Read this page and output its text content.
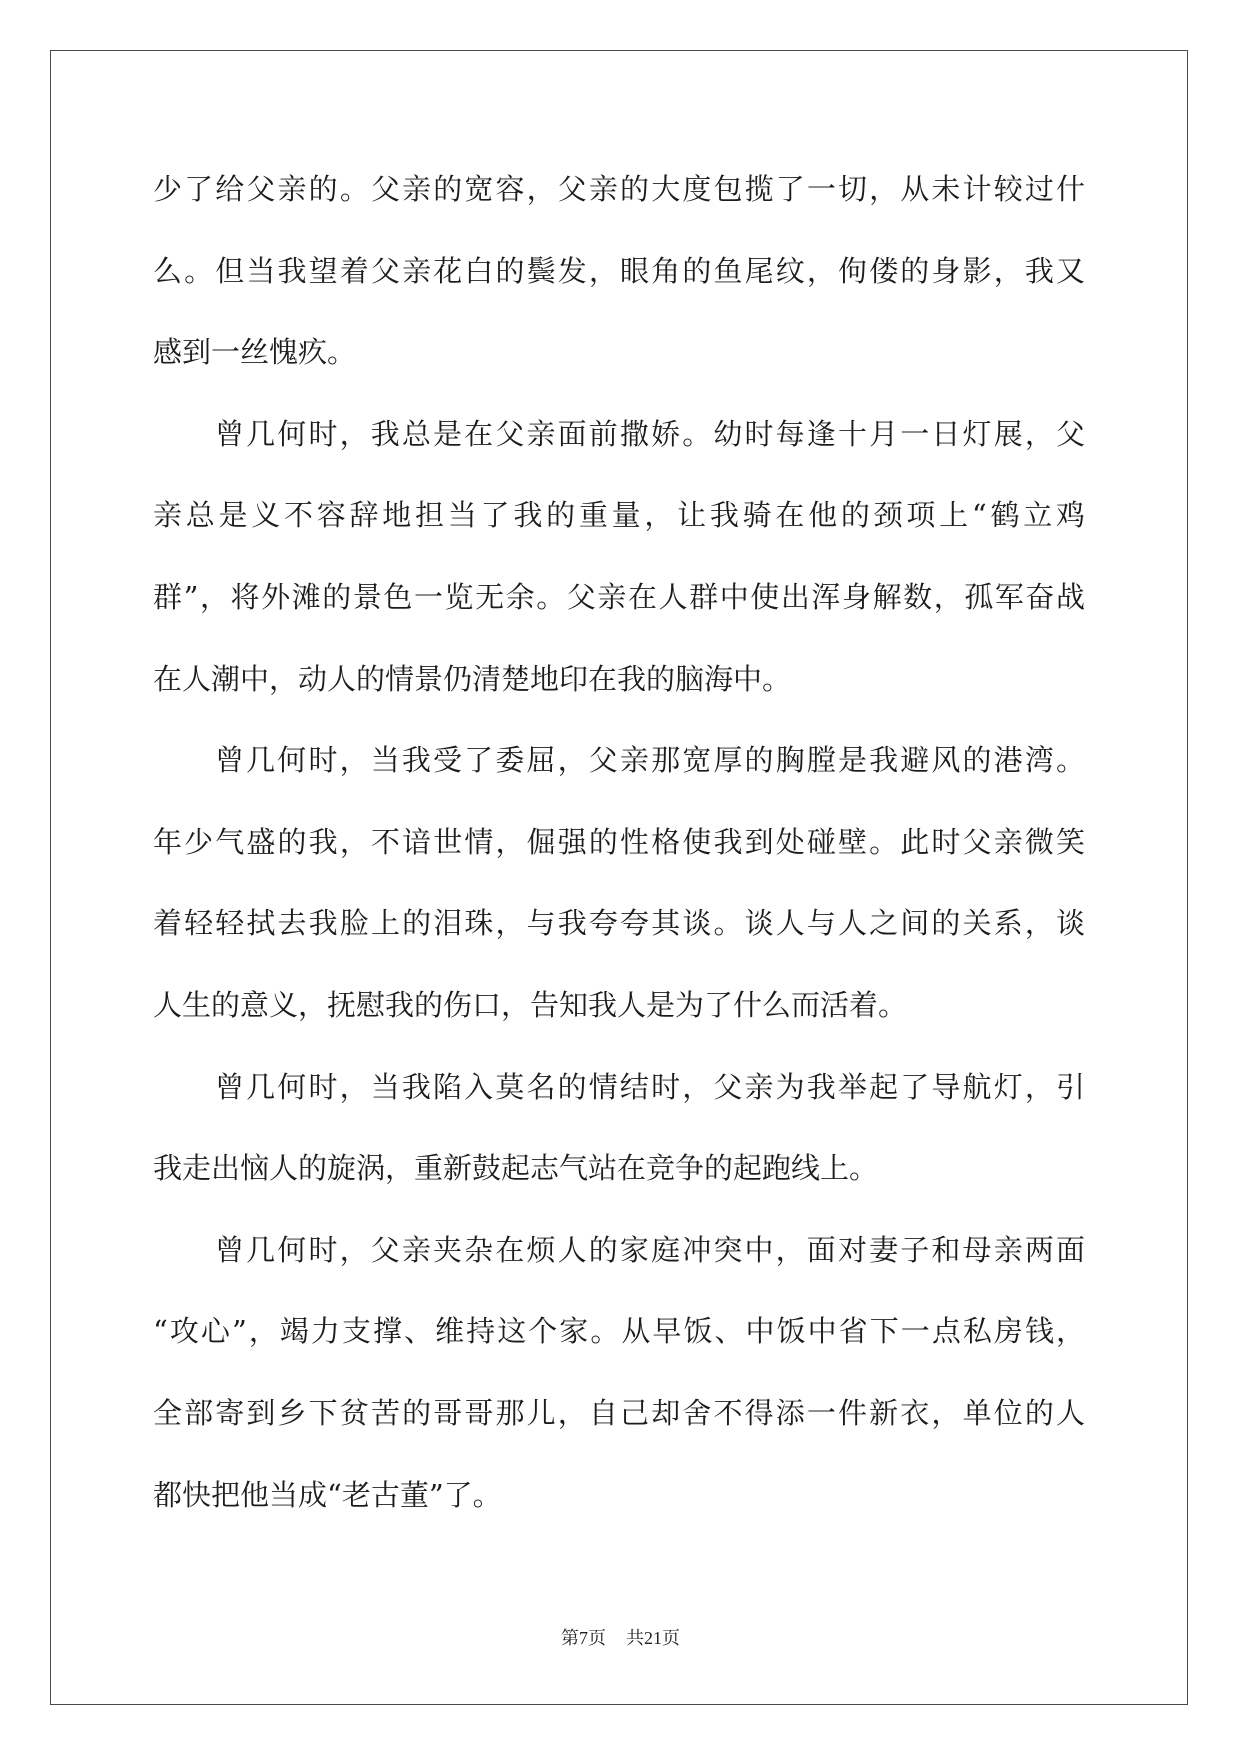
少了给父亲的。父亲的宽容，父亲的大度包揽了一切，从未计较过什
么。但当我望着父亲花白的鬓发，眼角的鱼尾纹，佝偻的身影，我又
感到一丝愧疚。
曾几何时，我总是在父亲面前撒娇。幼时每逢十月一日灯展，父
亲总是义不容辞地担当了我的重量，让我骑在他的颈项上“鹤立鸡
群”，将外滩的景色一览无余。父亲在人群中使出浑身解数，孤军奋战
在人潮中，动人的情景仍清楚地印在我的脑海中。
曾几何时，当我受了委屈，父亲那宽厚的胸膛是我避风的港湾。
年少气盛的我，不谙世情，倔强的性格使我到处碰壁。此时父亲微笑
着轻轻拭去我脸上的泪珠，与我夸夸其谈。谈人与人之间的关系，谈
人生的意义，抚慰我的伤口，告知我人是为了什么而活着。
曾几何时，当我陷入莫名的情结时，父亲为我举起了导航灯，引
我走出恼人的旋涡，重新鼓起志气站在竞争的起跑线上。
曾几何时，父亲夹杂在烦人的家庭冲突中，面对妻子和母亲两面
“攻心”，竭力支撑、维持这个家。从早饭、中饭中省下一点私房钱，
全部寄到乡下贫苦的哥哥那儿，自己却舍不得添一件新衣，单位的人
都快把他当成“老古董”了。
第7页 共21页
